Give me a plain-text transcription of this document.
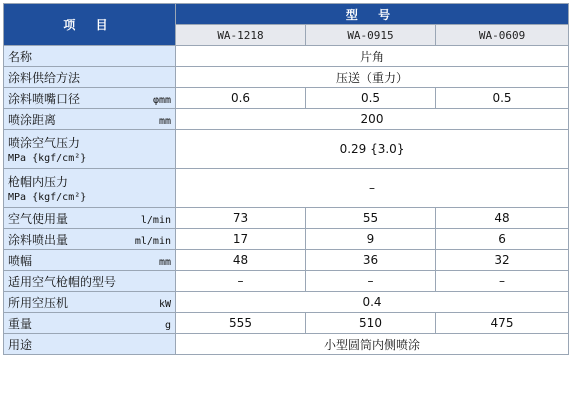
项 目	型 号		
	WA-1218	WA-0915	WA-0609
名称	片角		
涂料供给方法	压送（重力）		

涂料喷嘴口径 φmm	0.6	0.5	0.5

喷涂距离 mm	200		
喷涂空气压力
MPa {kgf/cm²}	0.29 {3.0}		
枪帽内压力
MPa {kgf/cm²}	–		

空气使用量 l/min	73	55	48

涂料喷出量 ml/min	17	9	6

喷幅 mm	48	36	32
适用空气枪帽的型号	–	–	–

所用空压机 kW	0.4		

重量 g	555	510	475
用途	小型圆筒内侧喷涂		
